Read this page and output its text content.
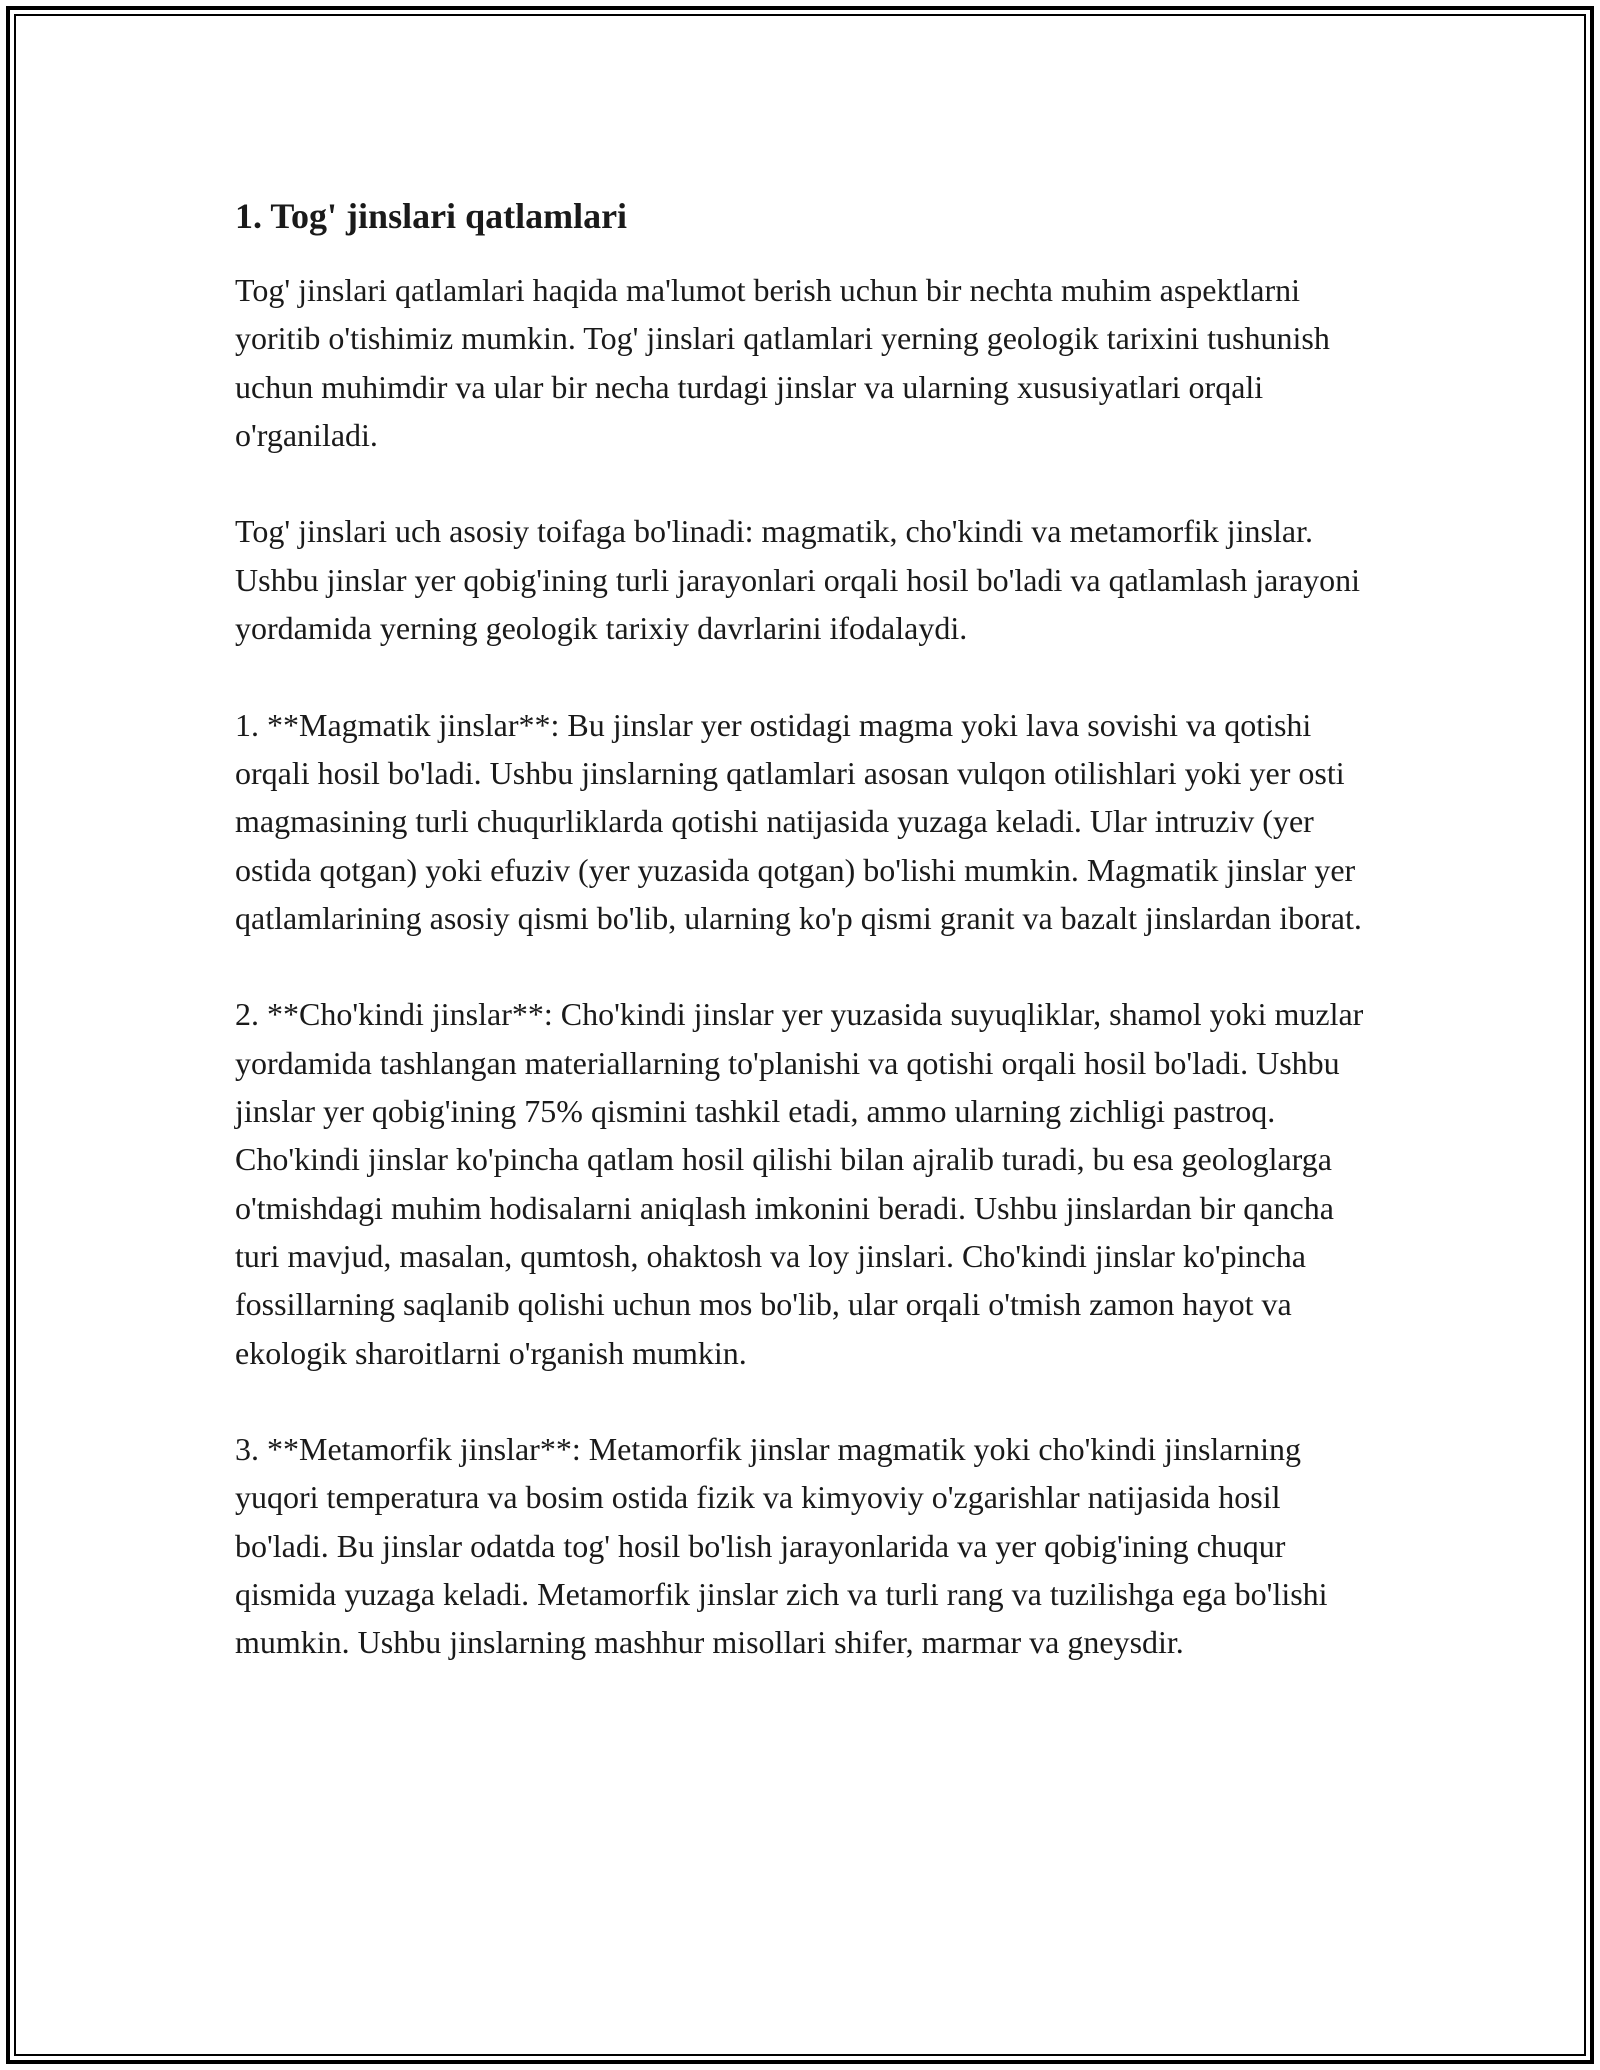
1. Tog' jinslari qatlamlari

Tog' jinslari qatlamlari haqida ma'lumot berish uchun bir nechta muhim aspektlarni yoritib o'tishimiz mumkin. Tog' jinslari qatlamlari yerning geologik tarixini tushunish uchun muhimdir va ular bir necha turdagi jinslar va ularning xususiyatlari orqali o'rganiladi.

Tog' jinslari uch asosiy toifaga bo'linadi: magmatik, cho'kindi va metamorfik jinslar. Ushbu jinslar yer qobig'ining turli jarayonlari orqali hosil bo'ladi va qatlamlash jarayoni yordamida yerning geologik tarixiy davrlarini ifodalaydi.

1. **Magmatik jinslar**: Bu jinslar yer ostidagi magma yoki lava sovishi va qotishi orqali hosil bo'ladi. Ushbu jinslarning qatlamlari asosan vulqon otilishlari yoki yer osti magmasining turli chuqurliklarda qotishi natijasida yuzaga keladi. Ular intruziv (yer ostida qotgan) yoki efuziv (yer yuzasida qotgan) bo'lishi mumkin. Magmatik jinslar yer qatlamlarining asosiy qismi bo'lib, ularning ko'p qismi granit va bazalt jinslardan iborat.

2. **Cho'kindi jinslar**: Cho'kindi jinslar yer yuzasida suyuqliklar, shamol yoki muzlar yordamida tashlangan materiallarning to'planishi va qotishi orqali hosil bo'ladi. Ushbu jinslar yer qobig'ining 75% qismini tashkil etadi, ammo ularning zichligi pastroq. Cho'kindi jinslar ko'pincha qatlam hosil qilishi bilan ajralib turadi, bu esa geologlarga o'tmishdagi muhim hodisalarni aniqlash imkonini beradi. Ushbu jinslardan bir qancha turi mavjud, masalan, qumtosh, ohaktosh va loy jinslari. Cho'kindi jinslar ko'pincha fossillarning saqlanib qolishi uchun mos bo'lib, ular orqali o'tmish zamon hayot va ekologik sharoitlarni o'rganish mumkin.

3. **Metamorfik jinslar**: Metamorfik jinslar magmatik yoki cho'kindi jinslarning yuqori temperatura va bosim ostida fizik va kimyoviy o'zgarishlar natijasida hosil bo'ladi. Bu jinslar odatda tog' hosil bo'lish jarayonlarida va yer qobig'ining chuqur qismida yuzaga keladi. Metamorfik jinslar zich va turli rang va tuzilishga ega bo'lishi mumkin. Ushbu jinslarning mashhur misollari shifer, marmar va gneysdir.
